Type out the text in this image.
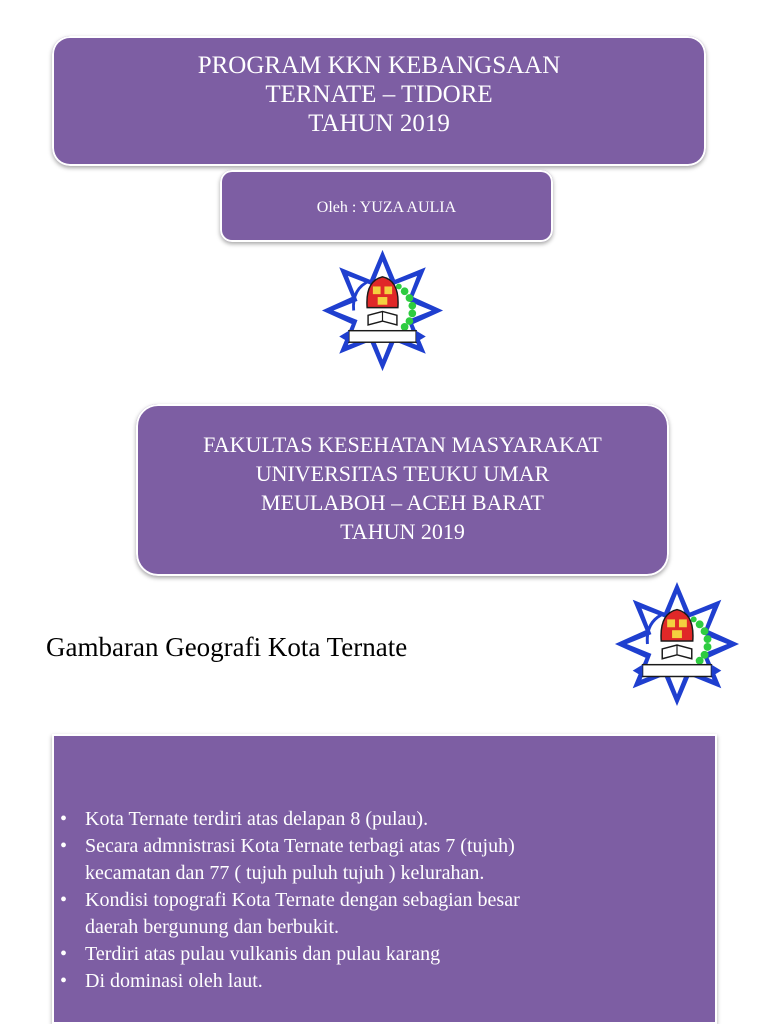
PROGRAM KKN KEBANGSAAN

TERNATE – TIDORE

TAHUN 2019

Oleh : YUZA AULIA

FAKULTAS KESEHATAN MASYARAKAT

UNIVERSITAS TEUKU UMAR

MEULABOH – ACEH BARAT

TAHUN 2019

Gambaran Geografi Kota Ternate
• Kota Ternate terdiri atas delapan 8 (pulau).
• Secara admnistrasi Kota Ternate terbagi atas 7 (tujuh)
kecamatan dan 77 ( tujuh puluh tujuh ) kelurahan.
• Kondisi topografi Kota Ternate dengan sebagian besar
daerah bergunung dan berbukit.
• Terdiri atas pulau vulkanis dan pulau karang
• Di dominasi oleh laut.
